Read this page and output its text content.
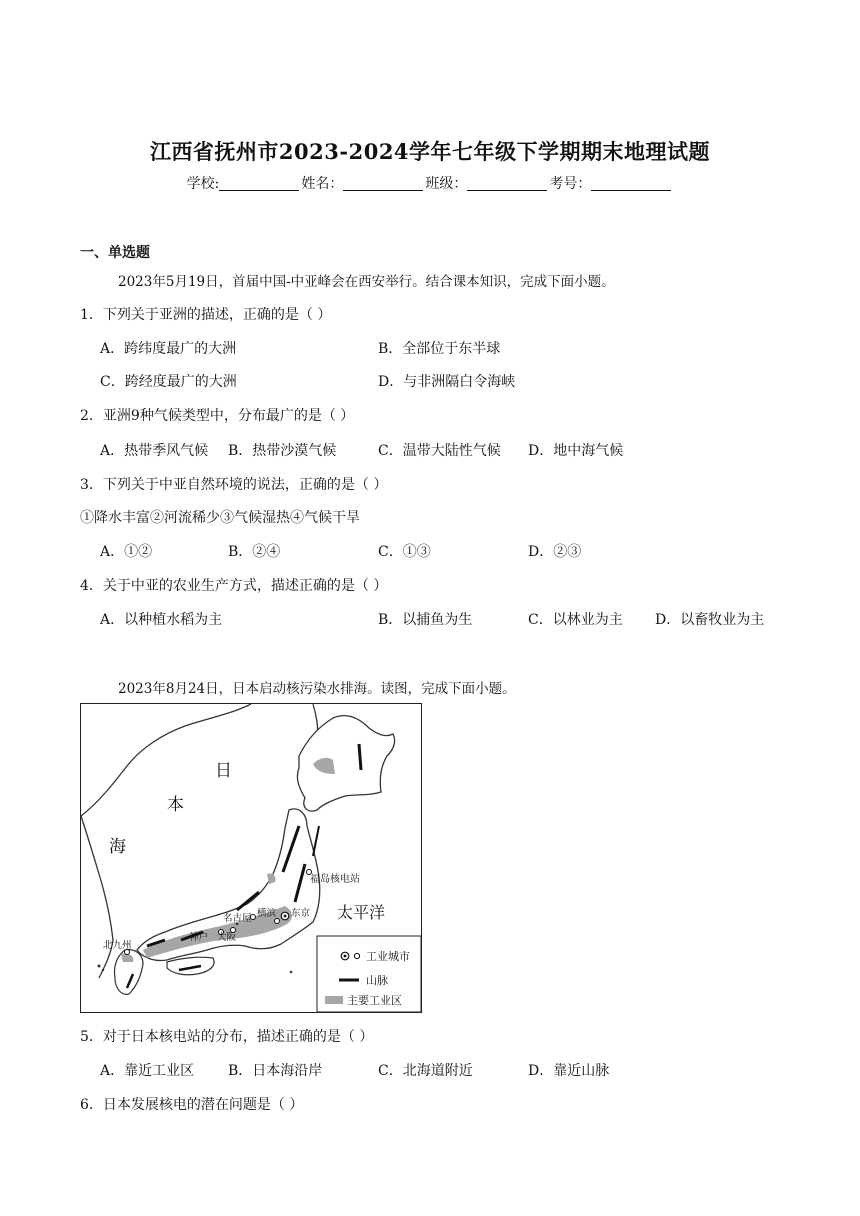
江西省抚州市2023-2024学年七年级下学期期末地理试题
学校:	姓名：	班级：	考号：
一、单选题
2023年5月19日，首届中国-中亚峰会在西安举行。结合课本知识，完成下面小题。
1．下列关于亚洲的描述，正确的是（ ）
A．跨纬度最广的大洲	B．全部位于东半球
C．跨经度最广的大洲	D．与非洲隔白令海峡
2．亚洲9种气候类型中，分布最广的是（ ）
A．热带季风气候 B．热带沙漠气候	C．温带大陆性气候 D．地中海气候
3．下列关于中亚自然环境的说法，正确的是（ ）
①降水丰富②河流稀少③气候湿热④气候干旱
A．①②	B．②④	C．①③	D．②③
4．关于中亚的农业生产方式，描述正确的是（ ）
A．以种植水稻为主	B．以捕鱼为生	C．以林业为主 D．以畜牧业为主
2023年8月24日，日本启动核污染水排海。读图，完成下面小题。
日
本
海
太平洋
福岛核电站
东京
横滨
名古屋
大阪
神户
北九州
工业城市
山脉
主要工业区
5．对于日本核电站的分布，描述正确的是（ ）
A．靠近工业区 B．日本海沿岸	C．北海道附近	D．靠近山脉
6．日本发展核电的潜在问题是（ ）
